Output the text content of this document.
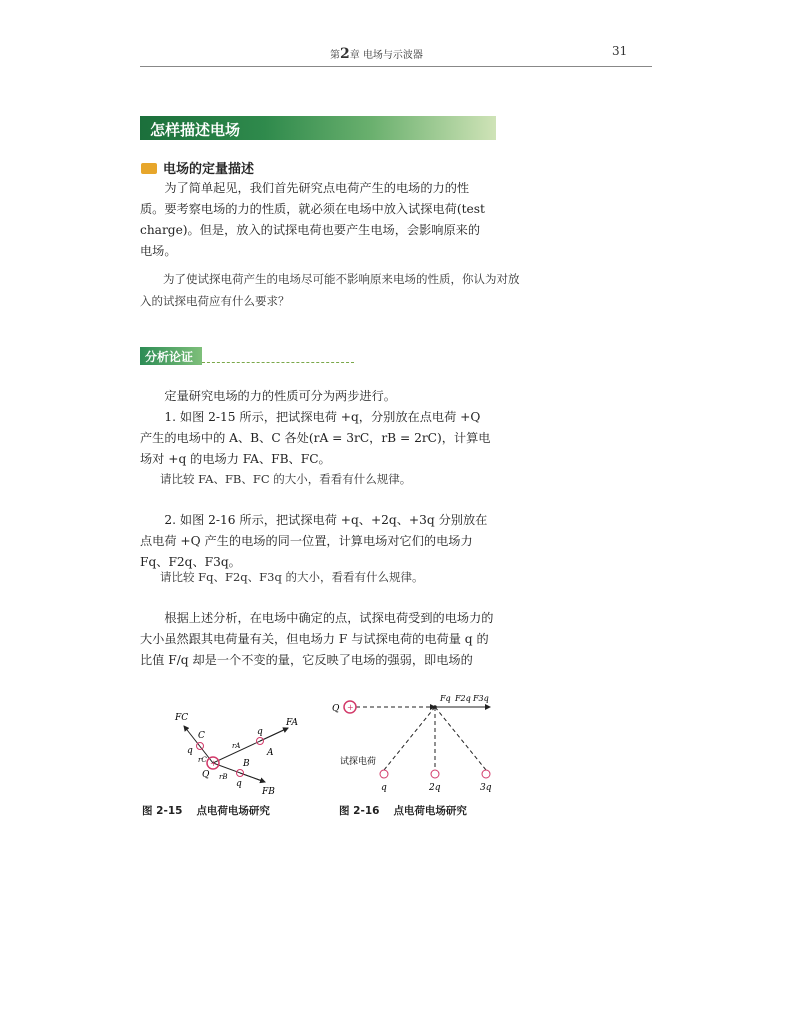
第2章 电场与示波器	31
怎样描述电场
电场的定量描述
为了简单起见，我们首先研究点电荷产生的电场的力的性质。要考察电场的力的性质，就必须在电场中放入试探电荷(test charge)。但是，放入的试探电荷也要产生电场，会影响原来的电场。
为了使试探电荷产生的电场尽可能不影响原来电场的性质，你认为对放入的试探电荷应有什么要求？
分析论证
定量研究电场的力的性质可分为两步进行。
1. 如图 2-15 所示，把试探电荷 +q，分别放在点电荷 +Q 产生的电场中的 A、B、C 各处(rA = 3rC，rB = 2rC)，计算电场对 +q 的电场力 FA、FB、FC。
请比较 FA、FB、FC 的大小，看看有什么规律。
2. 如图 2-16 所示，把试探电荷 +q、+2q、+3q 分别放在点电荷 +Q 产生的电场的同一位置，计算电场对它们的电场力 Fq、F2q、F3q。
请比较 Fq、F2q、F3q 的大小，看看有什么规律。
根据上述分析，在电场中确定的点，试探电荷受到的电场力的大小虽然跟其电荷量有关，但电场力 F 与试探电荷的电荷量 q 的比值 F/q 却是一个不变的量，它反映了电场的强弱，即电场的
+
FC	FA
FB
C
A
B
Q
q
q
q
rA
rB
rC
图 2-15 点电荷电场研究
+
Q
Fq F2q F3q
试探电荷
q	2q	3q
图 2-16 点电荷电场研究
